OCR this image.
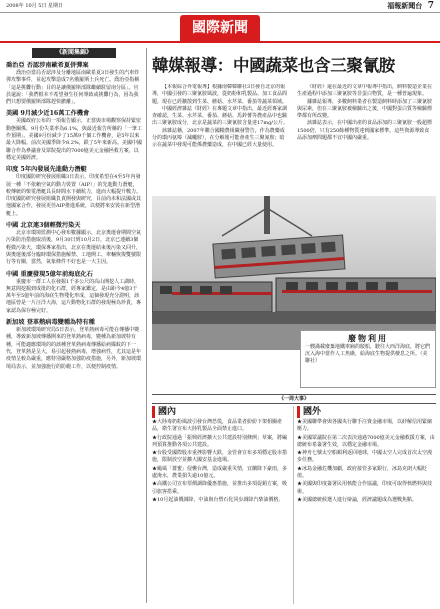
2008年 10月 5日 星期日	福報新聞台 7
國際新聞
《新聞集錦》
喬治亞 否認涉南歐希夏併彈案

喬治亞當局否認涉及分離地區南歐希夏3日發生的汽車炸彈攻擊事件，並起攻擊造成7名俄羅斯士兵死亡。喬治亞指稱「這是挑釁行動」目的是讓俄羅斯部隊繼續駐留南分區」。官員還說：「我們根本不希望發生任何導致或挑釁行為，因為我們只想要俄羅斯部隊趕快撤離」。

美國 9月減少近16萬工作機會

美國政府公布的一項報告顯示，正當與市場觀察保持緊密動態關係，9月份失業率為6.1%，與最近報告所稱的「一筆工作預期」。美國9月份減少了15萬9千個工作機會，是5年以來最大降幅。前次美國季降少8.2%，跌了5年來新高。美國中國聯合作為參議會及眾院提出的7000億美元金融拯救方案，以穩定美國經濟。

印度 5年內發展先進動力潛艇

印度國防研究發展組織3日表示，印度希望在4至5年內發展一種「不依賴空氣的動力裝置（AIP）」的先進動力潛艇，較傳統的柴電潛艇具長時間水下續航力，進而大幅提升戰力。印度國防研究發展組織負責開發與研究，目前尚未和法國或其他國家合作，發展更佳AIP推進系統，以便將來安裝在新型潛艇上。

中國 北京連3個輕微污染天

北京市環境監測中心發布數據顯示，北京奧運會期間空氣污染防治措施取消後，9月30日到10月2日，北京已連續3個輕微污染天，環保專家指出，北京在奧運結束後污染又回升，與奧運後部分臨時環保措施解禁、工地開工、車輛恢復雙號限行等有關，當然，氣象條件不好也是一大主因。

中國 重慶發現5億年前海底化石

重慶市一群工人在發掘1千多公尺的高山開挖人工湖時，無意間挖掘到成批的化石群，經專家鑑定，是由距今4億3千萬年至5億年前的海底生物殘化形成，這個發現充分證明，該地區曾是一片汪洋大海，這片動物化石群的發現極為珍貴，專家認為保存極完好。

新加坡 登革熱病毒變種為特有種

新加坡環境研究局5日表示，登革熱病毒可能在傳播中變種，導致新加坡傳播開來的登革熱病毒，變種為新加坡特有種，可能適應環境的的該種登革熱病毒傳播給病媒蚊的下一代，登革熱是呈大，易引起發熱病毒，增強病性，尤其這是年疫情呈較為嚴重，應特別嚴格加強防疫措施，另外，新加坡環境局表示，並加強施行的防範工作，以便控制疫情。

韓媒報導：中國蔬菜也含三聚氰胺

【本報綜合外電報導】根據南韓韓聯社3日發自北京的報導，中國引發的三聚氰胺風波，從奶粉和乳製品、加工食品問題，現在已經擴散到生菜、蘑菇、水芹菜、番茄等蔬菜領域。

中國經濟雜誌《財經》在專題文章中指出，最近經專家調查確認，生菜、水芹菜、番茄、蘑菇、馬鈴薯等農產品中也驗出三聚氰胺成分，北京是蔬菜的三聚氰胺含量達17mg/公斤。

該雜誌稱，2007年聯合國糧農組織發警告，作為農藥成分的環丙氨嗪（滅蠅胺），在分解後可能會產生三聚氰胺；暗示在蔬菜中發現可能係農藥造成，在中國已經大量使用。

《財經》還在最近的文章中報導中指出，飼料製造企業在生產過程中添加三聚氰胺等非蛋白物質，是一種普遍現象。

據雜誌報導，多數飼料業者在製造飼料時添加了三聚氰胺與尿素，但在三聚氰胺被檢驗出之後，中國對蛋白質等檢驗標準都有所改變。

該雜誌表示，在中國出產的食品添加的三聚氰胺一般超標1500倍，只有250餘種物質達到國家標準。這些資源導致食品添加劑問題都不宜中國內嚴重。

廢物利用
一艘滿載廢棄地鐵車廂的駁船，駛往大西洋海底，將它們沉入海中當作人工魚礁，給海底生物提供棲息之所。（美聯社）
《一周大事》
國內

★大陸毒奶粉風波引發台灣恐慌，食品業者紛紛下架相關產品，衛生署宣布大陸乳製品全面禁止進口。

★行政院通過「振興經濟擴大公共建設特別條例」草案，將編列預算推動各項公共建設。

★台股受國際股市重挫影響大跌，金管會宣布多項穩定股市措施，限制放空並擴大國安基金進場。

★颱風「薔蜜」侵襲台灣，造成嚴重災情，宜蘭降下豪雨，多處淹水，農業損失逾10億元。

★高鐵公司宣布票價調降優惠措施，並推出多項促銷方案，吸引旅客搭乘。

★10月起油價調降，中油與台塑石化同步調降汽柴油價格。

國外

★美國聯準會與各國央行聯手注資金融市場，以紓解信用緊縮壓力。

★美國眾議院在第二次表決通過7000億美元金融救援方案，由總統布希簽署生效，以穩定金融市場。

★神舟七號太空船順利返回地球，中國太空人完成首次太空漫步任務。

★冰島金融危機加劇，政府接管多家銀行，冰島克朗大幅貶值。

★美國與印度簽署民用核能合作協議，印度可取得核燃料與技術。

★美國總統候選人進行辯論，經濟議題成為選戰焦點。
